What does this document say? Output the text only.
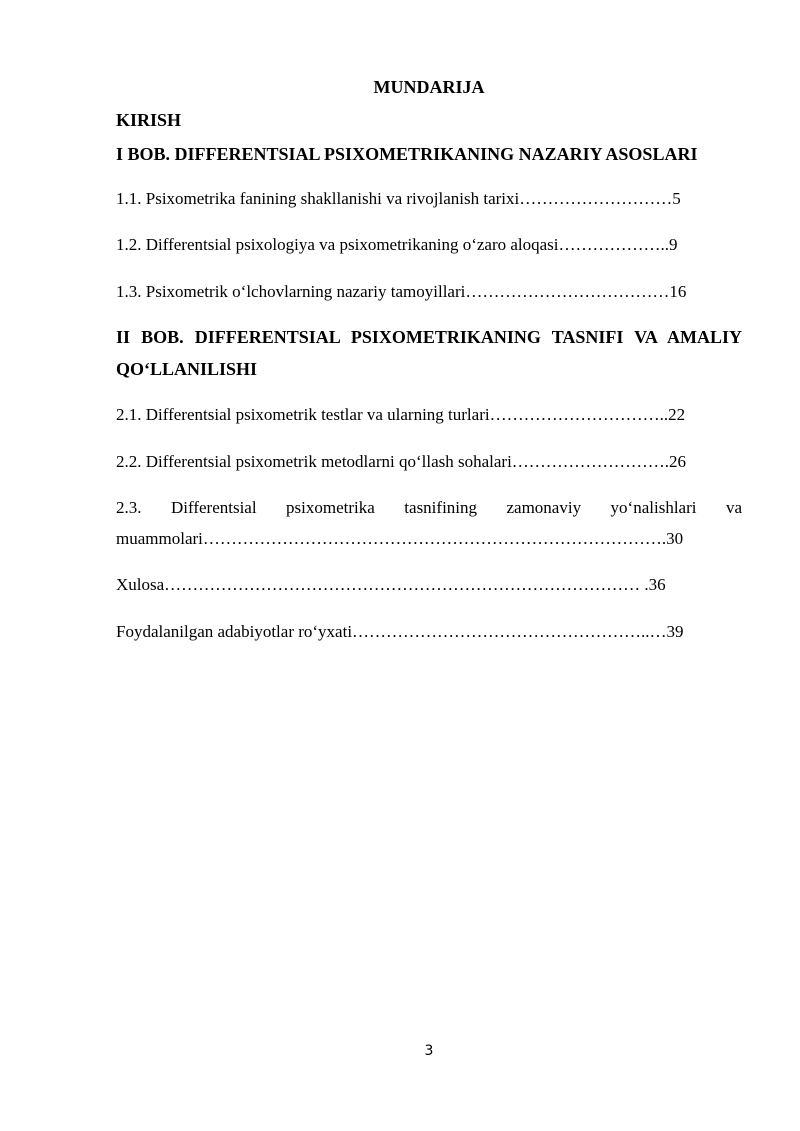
MUNDARIJA

KIRISH

I BOB. DIFFERENTSIAL PSIXOMETRIKANING NAZARIY ASOSLARI

1.1. Psixometrika fanining shakllanishi va rivojlanish tarixi………………………5

1.2. Differentsial psixologiya va psixometrikaning o‘zaro aloqasi………………..9

1.3. Psixometrik o‘lchovlarning nazariy tamoyillari………………………………16

II BOB. DIFFERENTSIAL PSIXOMETRIKANING TASNIFI VA AMALIY

QO‘LLANILISHI

2.1. Differentsial psixometrik testlar va ularning turlari…………………………..22

2.2. Differentsial psixometrik metodlarni qo‘llash sohalari……………………….26

2.3. Differentsial psixometrika tasnifining zamonaviy yo‘nalishlari va

muammolari……………………………………………………………………….30

Xulosa………………………………………………………………………… .36

Foydalanilgan adabiyotlar ro‘yxati……………………………………………..…39

3
